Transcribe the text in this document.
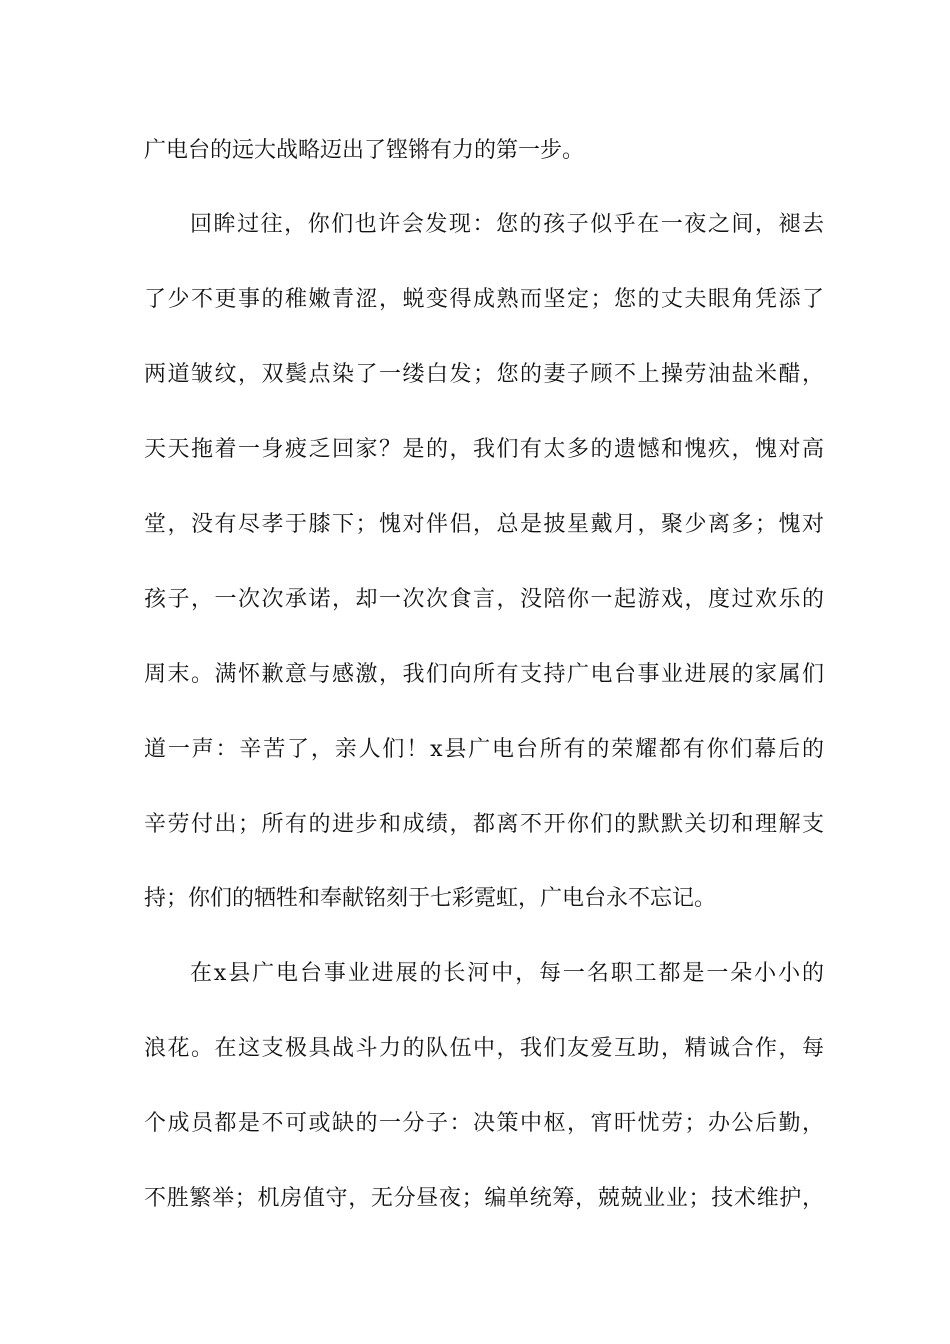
广电台的远大战略迈出了铿锵有力的第一步。
回眸过往，你们也许会发现：您的孩子似乎在一夜之间，褪去
了少不更事的稚嫩青涩，蜕变得成熟而坚定；您的丈夫眼角凭添了
两道皱纹，双鬓点染了一缕白发；您的妻子顾不上操劳油盐米醋，
天天拖着一身疲乏回家？是的，我们有太多的遗憾和愧疚，愧对高
堂，没有尽孝于膝下；愧对伴侣，总是披星戴月，聚少离多；愧对
孩子，一次次承诺，却一次次食言，没陪你一起游戏，度过欢乐的
周末。满怀歉意与感激，我们向所有支持广电台事业进展的家属们
道一声：辛苦了，亲人们！x县广电台所有的荣耀都有你们幕后的
辛劳付出；所有的进步和成绩，都离不开你们的默默关切和理解支
持；你们的牺牲和奉献铭刻于七彩霓虹，广电台永不忘记。
在x县广电台事业进展的长河中，每一名职工都是一朵小小的
浪花。在这支极具战斗力的队伍中，我们友爱互助，精诚合作，每
个成员都是不可或缺的一分子：决策中枢，宵旰忧劳；办公后勤，
不胜繁举；机房值守，无分昼夜；编单统筹，兢兢业业；技术维护，
